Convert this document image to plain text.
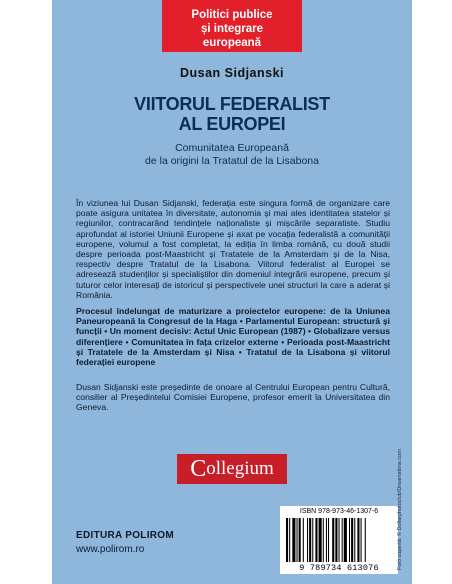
Politici publice
și integrare europeană
Dusan Sidjanski
VIITORUL FEDERALIST
AL EUROPEI
Comunitatea Europeană
de la origini la Tratatul de la Lisabona
În viziunea lui Dusan Sidjanski, federația este singura formă de organizare care poate asigura unitatea în diversitate, autonomia și mai ales identitatea statelor și regiunilor, contracarând tendințele naționaliste și mișcările separatiste. Studiu aprofundat al istoriei Uniunii Europene și axat pe vocația federalistă a comunității europene, volumul a fost completat, la ediția în limba română, cu două studii despre perioada post-Maastricht și Tratatele de la Amsterdam și de la Nisa, respectiv despre Tratatul de la Lisabona. Viitorul federalist al Europei se adresează studenților și specialiștilor din domeniul integrării europene, precum și tuturor celor interesați de istoricul și perspectivele unei structuri la care a aderat și România.
Procesul îndelungat de maturizare a proiectelor europene: de la Uniunea Paneuropeană la Congresul de la Haga • Parlamentul European: structură și funcții • Un moment decisiv: Actul Unic European (1987) • Globalizare versus diferențiere • Comunitatea în fața crizelor externe • Perioada post-Maastricht și Tratatele de la Amsterdam și Nisa • Tratatul de la Lisabona și viitorul federației europene
Dusan Sidjanski este președinte de onoare al Centrului European pentru Cultură, consilier al Președintelui Comisiei Europene, profesor emerit la Universitatea din Geneva.
C ollegium
EDITURA POLIROM
www.polirom.ro
ISBN 978-973-46-1307-6
9 789734 613076	Foto copertă: © Dollarphotoclub/Dreamstime.com
